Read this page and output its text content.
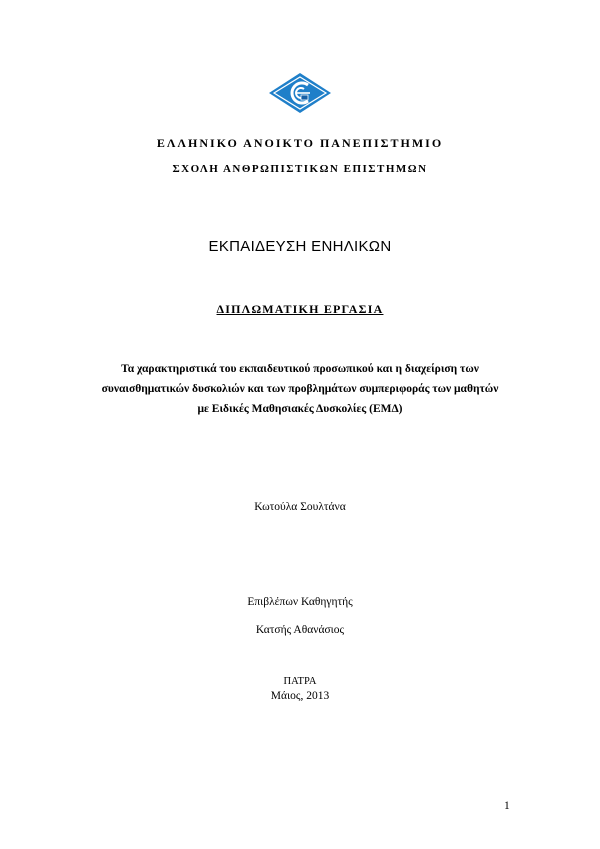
ΕΛΛΗΝΙΚΟ ΑΝΟΙΚΤΟ ΠΑΝΕΠΙΣΤΗΜΙΟ
ΣΧΟΛΗ ΑΝΘΡΩΠΙΣΤΙΚΩΝ ΕΠΙΣΤΗΜΩΝ
ΕΚΠΑΙΔΕΥΣΗ ΕΝΗΛΙΚΩΝ
ΔΙΠΛΩΜΑΤΙΚΗ ΕΡΓΑΣΙΑ
Τα χαρακτηριστικά του εκπαιδευτικού προσωπικού και η διαχείριση των
συναισθηματικών δυσκολιών και των προβλημάτων συμπεριφοράς των μαθητών
με Ειδικές Μαθησιακές Δυσκολίες (ΕΜΔ)
Κωτούλα Σουλτάνα
Επιβλέπων Καθηγητής
Κατσής Αθανάσιος
ΠΑΤΡΑ
Μάιος, 2013
1
